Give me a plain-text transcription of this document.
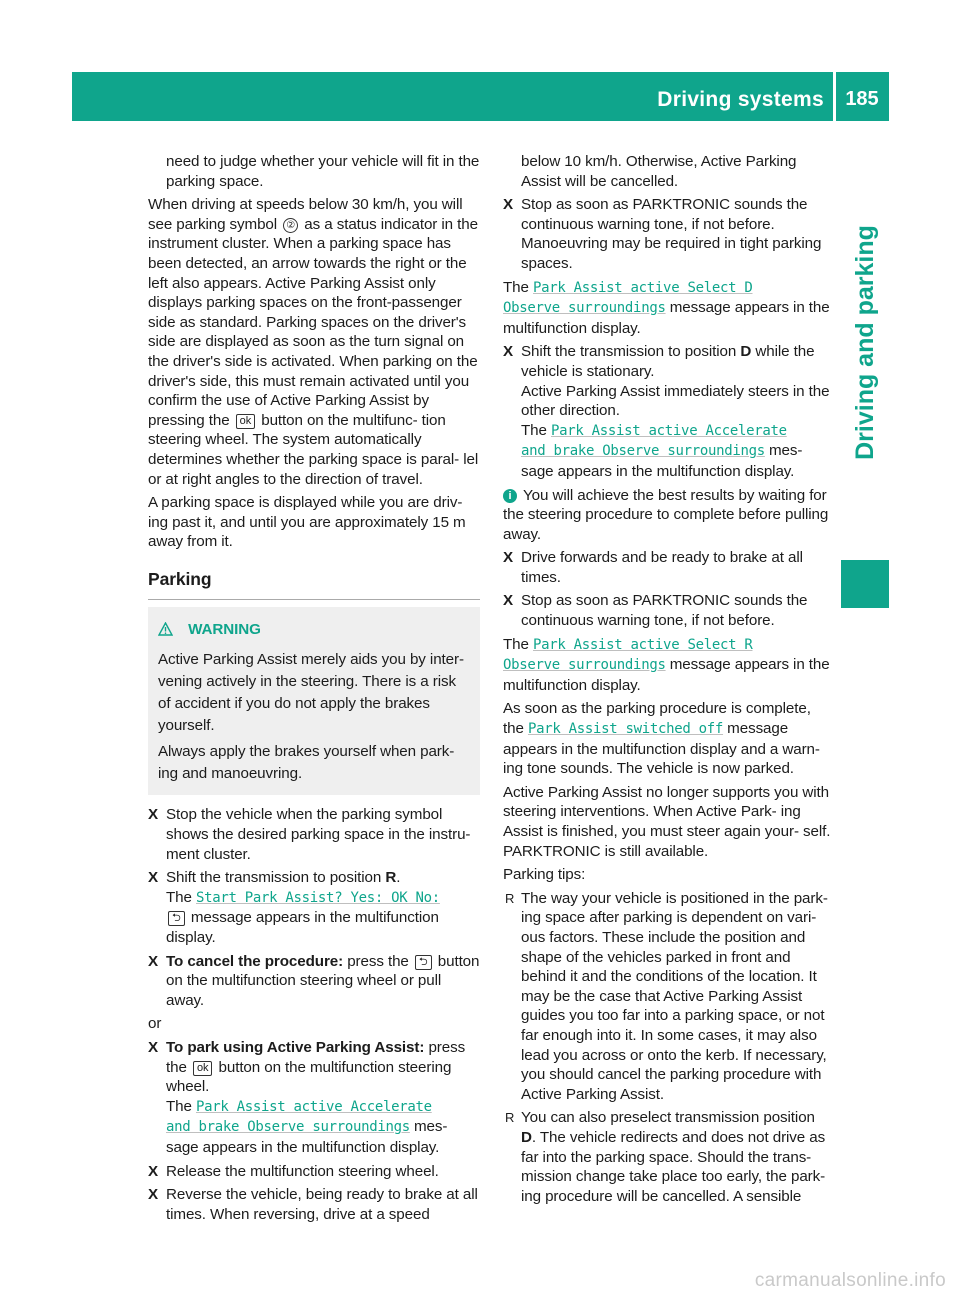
Driving systems 185
Driving and parking

need to judge whether your vehicle will fit in the parking space.

When driving at speeds below 30 km/h, you will see parking symbol ② as a status indicator in the instrument cluster. When a parking space has been detected, an arrow towards the right or the left also appears. Active Parking Assist only displays parking spaces on the front-passenger side as standard. Parking spaces on the driver's side are displayed as soon as the turn signal on the driver's side is activated. When parking on the driver's side, this must remain activated until you confirm the use of Active Parking Assist by pressing the ok button on the multifunc- tion steering wheel. The system automatically determines whether the parking space is paral- lel or at right angles to the direction of travel.

A parking space is displayed while you are driv- ing past it, and until you are approximately 15 m away from it.

Parking
WARNING
Active Parking Assist merely aids you by inter- vening actively in the steering. There is a risk of accident if you do not apply the brakes yourself.
Always apply the brakes yourself when park- ing and manoeuvring.
X Stop the vehicle when the parking symbol shows the desired parking space in the instru- ment cluster.
X Shift the transmission to position R.
The Start Park Assist? Yes: OK No:
⮌ message appears in the multifunction display.
X To cancel the procedure: press the ⮌ button on the multifunction steering wheel or pull away.

or

X To park using Active Parking Assist: press the ok button on the multifunction steering wheel.
The Park Assist active Accelerate
and brake Observe surroundings mes- sage appears in the multifunction display.
X Release the multifunction steering wheel.
X Reverse the vehicle, being ready to brake at all times. When reversing, drive at a speed

below 10 km/h. Otherwise, Active Parking Assist will be cancelled.

X Stop as soon as PARKTRONIC sounds the continuous warning tone, if not before. Manoeuvring may be required in tight parking spaces.

The Park Assist active Select D
Observe surroundings message appears in the multifunction display.

X Shift the transmission to position D while the vehicle is stationary.
Active Parking Assist immediately steers in the other direction.
The Park Assist active Accelerate
and brake Observe surroundings mes- sage appears in the multifunction display.

i You will achieve the best results by waiting for the steering procedure to complete before pulling away.

X Drive forwards and be ready to brake at all times.
X Stop as soon as PARKTRONIC sounds the continuous warning tone, if not before.

The Park Assist active Select R
Observe surroundings message appears in the multifunction display.

As soon as the parking procedure is complete, the Park Assist switched off message appears in the multifunction display and a warn- ing tone sounds. The vehicle is now parked.

Active Parking Assist no longer supports you with steering interventions. When Active Park- ing Assist is finished, you must steer again your- self. PARKTRONIC is still available.

Parking tips:

R The way your vehicle is positioned in the park- ing space after parking is dependent on vari- ous factors. These include the position and shape of the vehicles parked in front and behind it and the conditions of the location. It may be the case that Active Parking Assist guides you too far into a parking space, or not far enough into it. In some cases, it may also lead you across or onto the kerb. If necessary, you should cancel the parking procedure with Active Parking Assist.
R You can also preselect transmission position
D. The vehicle redirects and does not drive as far into the parking space. Should the trans- mission change take place too early, the park- ing procedure will be cancelled. A sensible
carmanualsonline.info
